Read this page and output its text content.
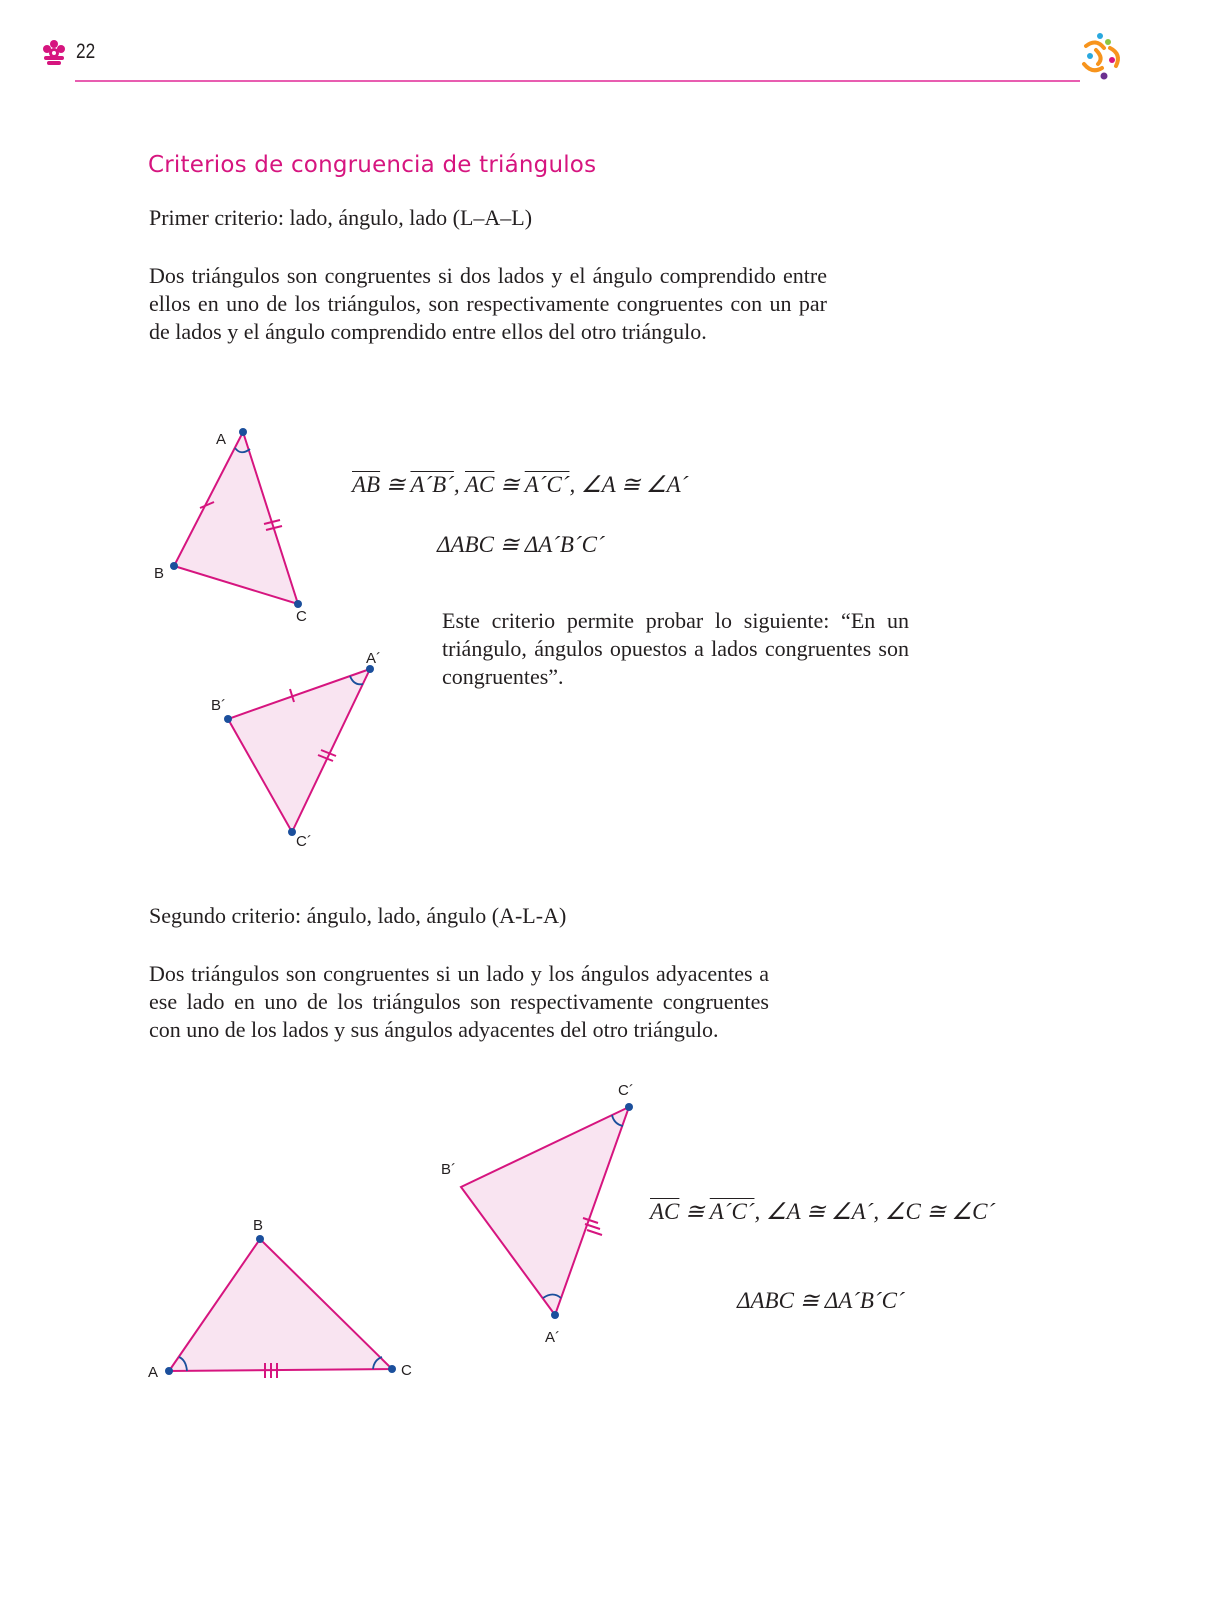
22
Criterios de congruencia de triángulos

Primer criterio: lado, ángulo, lado (L–A–L)

Dos triángulos son congruentes si dos lados y el ángulo comprendido entre ellos en uno de los triángulos, son respectivamente congruentes con un par de lados y el ángulo comprendido entre ellos del otro triángulo.

$\overline{AB}$ ≅ A´B´, $\overline{AC}$ ≅ A´C´, ∠A ≅ ∠A´

ΔABC ≅ ΔA´B´C´

Este criterio permite probar lo siguiente: “En un triángulo, ángulos opuestos a lados congruentes son congruentes”.

A
B
C
A´
B´
C´

Segundo criterio: ángulo, lado, ángulo (A-L-A)

Dos triángulos son congruentes si un lado y los ángulos adyacentes a ese lado en uno de los triángulos son respectivamente congruentes con uno de los lados y sus ángulos adyacentes del otro triángulo.

$\overline{AC}$ ≅ A´C´, ∠A ≅ ∠A´, ∠C ≅ ∠C´

ΔABC ≅ ΔA´B´C´

A
B
C
C´
B´
A´
